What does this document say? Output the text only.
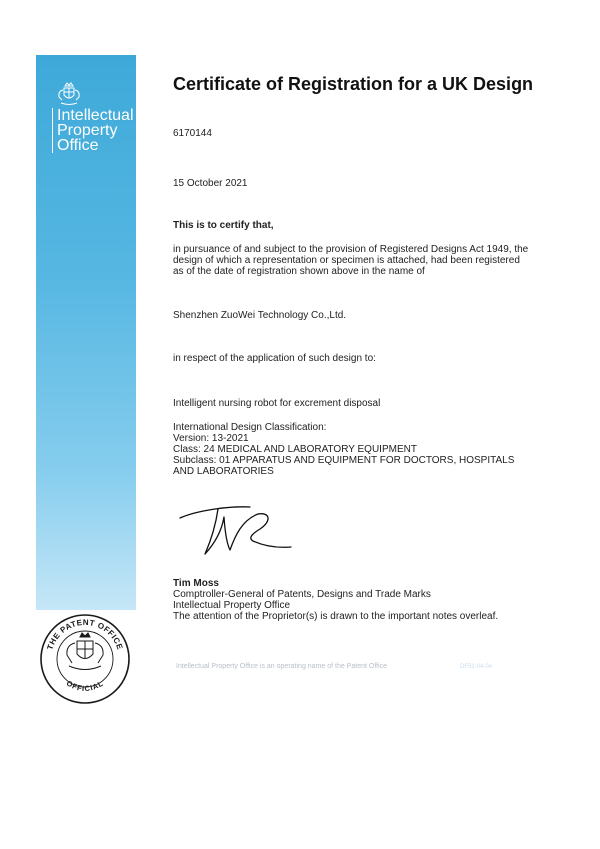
Intellectual
Property
Office
Certificate of Registration for a UK Design
6170144
15 October 2021
This is to certify that,
in pursuance of and subject to the provision of Registered Designs Act 1949, the
design of which a representation or specimen is attached, had been registered
as of the date of registration shown above in the name of
Shenzhen ZuoWei Technology Co.,Ltd.
in respect of the application of such design to:
Intelligent nursing robot for excrement disposal
International Design Classification:
Version: 13-2021
Class: 24 MEDICAL AND LABORATORY EQUIPMENT
Subclass: 01 APPARATUS AND EQUIPMENT FOR DOCTORS, HOSPITALS
AND LABORATORIES
Tim Moss
Comptroller-General of Patents, Designs and Trade Marks
Intellectual Property Office
The attention of the Proprietor(s) is drawn to the important notes overleaf.
THE PATENT OFFICE
OFFICIAL
Intellectual Property Office is an operating name of the Patent Office	DF51-04-04
